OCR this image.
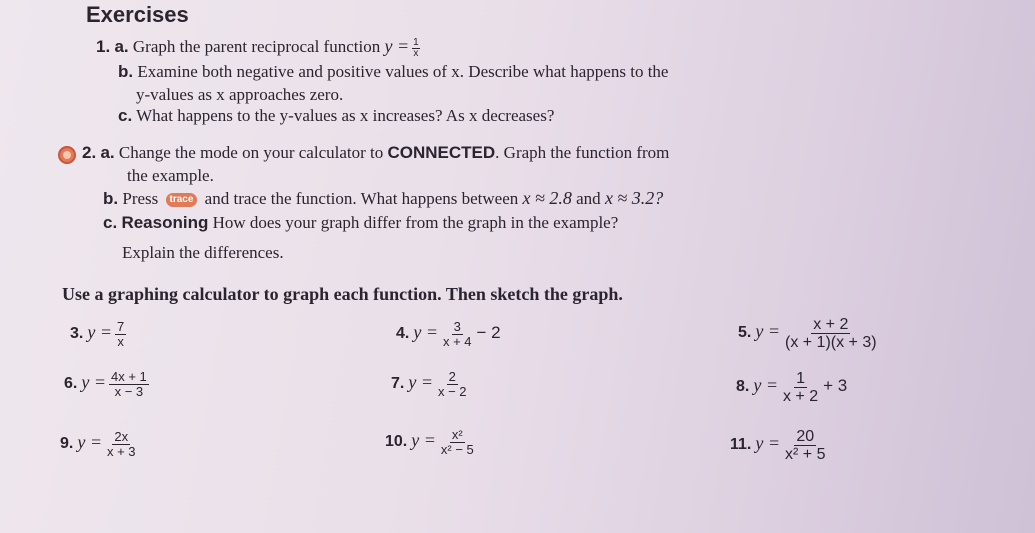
Exercises
1. a. Graph the parent reciprocal function $y = \frac{1}{x}$
b. Examine both negative and positive values of x. Describe what happens to the
y-values as x approaches zero.
c. What happens to the y-values as x increases? As x decreases?
2. a. Change the mode on your calculator to CONNECTED. Graph the function from
the example.
b. Press trace and trace the function. What happens between x ≈ 2.8 and x ≈ 3.2?
c. Reasoning How does your graph differ from the graph in the example?
Explain the differences.
Use a graphing calculator to graph each function. Then sketch the graph.
3. $y = \frac{7}{x}$	4. $y = \frac{3}{x + 4} - 2$	5. $y = \frac{x + 2}{(x + 1)(x + 3)}$
6. $y = \frac{4x + 1}{x - 3}$	7. $y = \frac{2}{x - 2}$	8. $y = \frac{1}{x + 2} + 3$
9. $y = \frac{2x}{x + 3}$	10. $y = \frac{\text{x²}}{\text{x² − 5}}$	11. $y = \frac{20}{\text{x² + 5}}$
